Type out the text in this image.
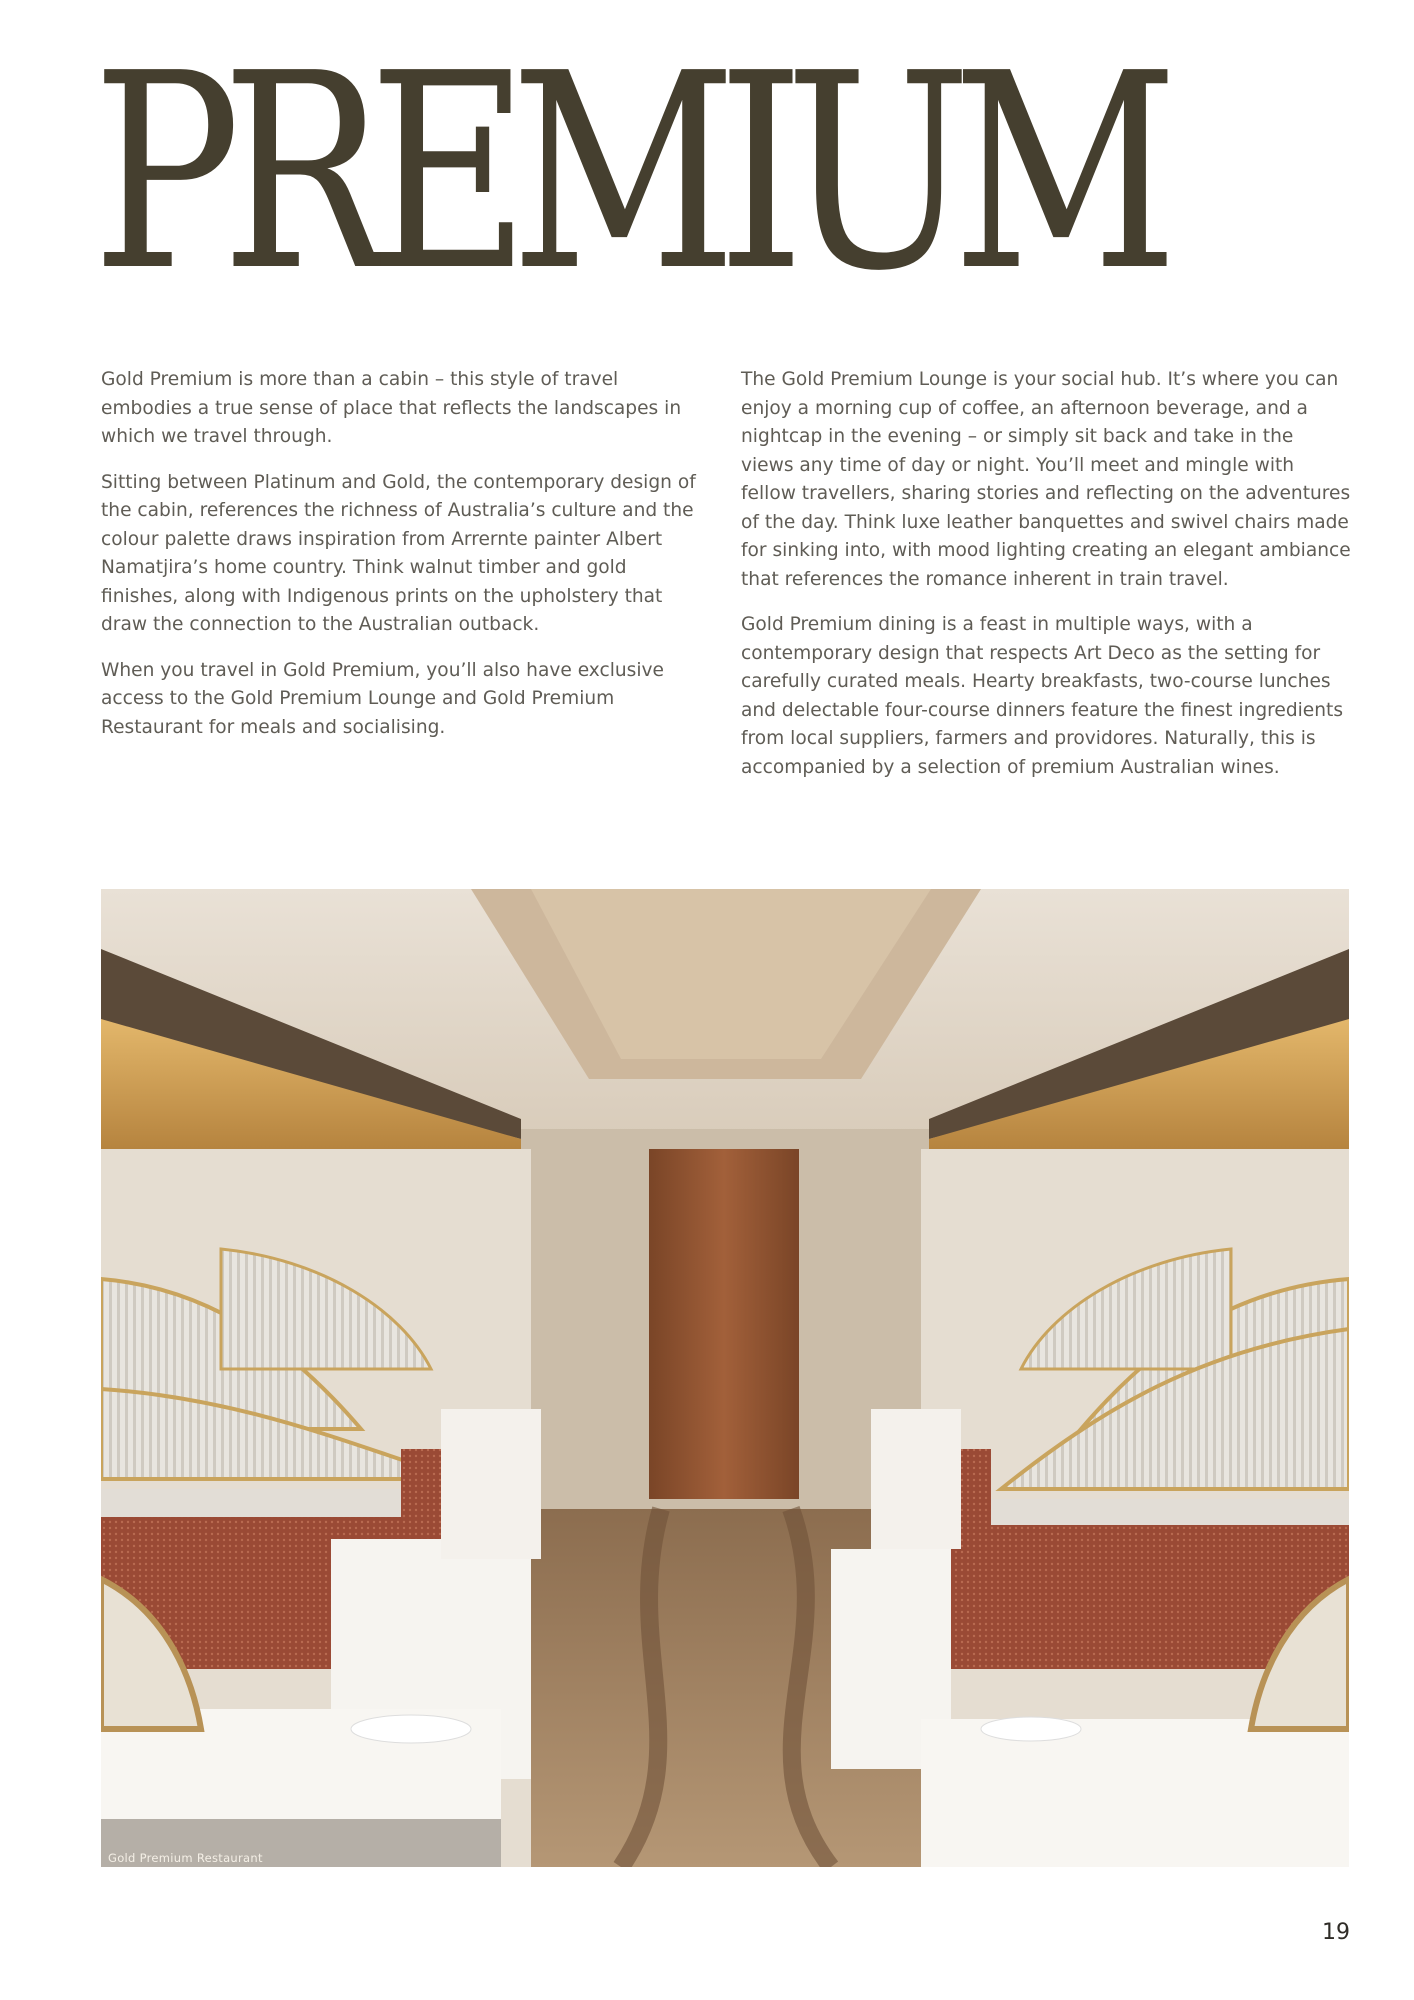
PREMIUM

Gold Premium is more than a cabin – this style of travel embodies a true sense of place that reflects the landscapes in which we travel through.

Sitting between Platinum and Gold, the contemporary design of the cabin, references the richness of Australia’s culture and the colour palette draws inspiration from Arrernte painter Albert Namatjira’s home country. Think walnut timber and gold finishes, along with Indigenous prints on the upholstery that draw the connection to the Australian outback.

When you travel in Gold Premium, you’ll also have exclusive access to the Gold Premium Lounge and Gold Premium Restaurant for meals and socialising.

The Gold Premium Lounge is your social hub. It’s where you can enjoy a morning cup of coffee, an afternoon beverage, and a nightcap in the evening – or simply sit back and take in the views any time of day or night. You’ll meet and mingle with fellow travellers, sharing stories and reflecting on the adventures of the day. Think luxe leather banquettes and swivel chairs made for sinking into, with mood lighting creating an elegant ambiance that references the romance inherent in train travel.

Gold Premium dining is a feast in multiple ways, with a contemporary design that respects Art Deco as the setting for carefully curated meals. Hearty breakfasts, two-course lunches and delectable four-course dinners feature the finest ingredients from local suppliers, farmers and providores. Naturally, this is accompanied by a selection of premium Australian wines.

Gold Premium Restaurant
19
